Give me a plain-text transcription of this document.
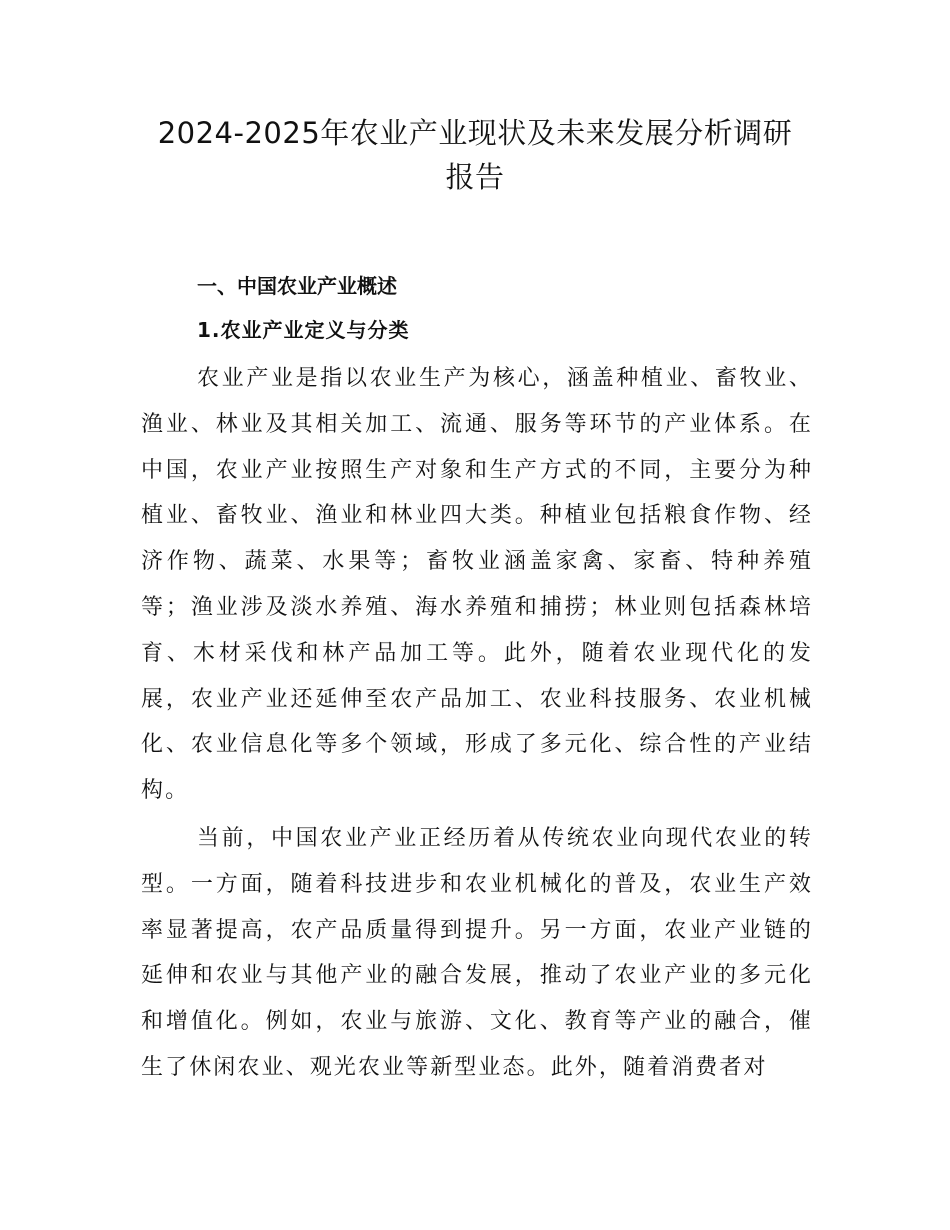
2024-2025年农业产业现状及未来发展分析调研
报告
一、中国农业产业概述
1.农业产业定义与分类

农业产业是指以农业生产为核心，涵盖种植业、畜牧业、渔业、林业及其相关加工、流通、服务等环节的产业体系。在中国，农业产业按照生产对象和生产方式的不同，主要分为种植业、畜牧业、渔业和林业四大类。种植业包括粮食作物、经济作物、蔬菜、水果等；畜牧业涵盖家禽、家畜、特种养殖等；渔业涉及淡水养殖、海水养殖和捕捞；林业则包括森林培育、木材采伐和林产品加工等。此外，随着农业现代化的发展，农业产业还延伸至农产品加工、农业科技服务、农业机械化、农业信息化等多个领域，形成了多元化、综合性的产业结构。

当前，中国农业产业正经历着从传统农业向现代农业的转型。一方面，随着科技进步和农业机械化的普及，农业生产效率显著提高，农产品质量得到提升。另一方面，农业产业链的延伸和农业与其他产业的融合发展，推动了农业产业的多元化和增值化。例如，农业与旅游、文化、教育等产业的融合，催生了休闲农业、观光农业等新型业态。此外，随着消费者对
